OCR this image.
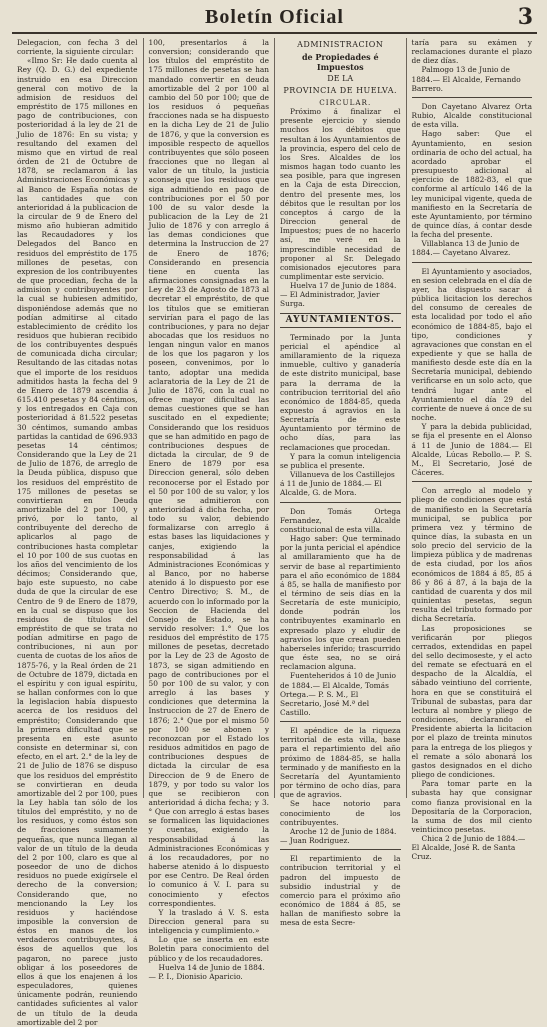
Boletín Oficial	3

Delegacion, con fecha 3 del corriente, la siguiente circular:

«Ilmo Sr: He dado cuenta al Rey (Q. D. G.) del expediente instruido en esa Direccion general con motivo de la admision de residuos del empréstito de 175 millones en pago de contribuciones, con posterioridad á la ley de 21 de Julio de 1876: En su vista; y resultando del examen del mismo que en virtud de real órden de 21 de Octubre de 1878, se reclamaron á las Administraciones Económicas y al Banco de España notas de las cantidades que con anterioridad á la publicacion de la circular de 9 de Enero del mismo año hubieran admitido las Recaudadores y los Delegados del Banco en residuos del empréstito de 175 millones de pesetas, con expresion de los contribuyentes de que procedian, fecha de la admision y contribuyentes por la cual se hubiesen admitido, disponiéndose además que no podían admitirse al citado establecimiento de crédito los residuos que hubieran recibido de los contribuyentes después de comunicada dicha circular; Resultando de las citadas notas que el importe de los residuos admitidos hasta la fecha del 9 de Enero de 1879 ascendia á 615.410 pesetas y 84 céntimos, y los entregados en Caja con posterioridad á 81.522 pesetas 30 céntimos, sumando ambas partidas la cantidad de 696.933 pesetas 14 céntimos; Considerando que la Ley de 21 de Julio de 1876, de arreglo de la Deuda pública, dispuso que los residuos del empréstito de 175 millones de pesetas se convirtieran en Deuda amortizable del 2 por 100, y privó, por lo tanto, al contribuyente del derecho de aplicarlos al pago de contribuciones hasta completar el 10 por 100 de sus cuotas en los años del vencimiento de los décimos; Considerando que, bajo este supuesto, no cabe duda de que la circular de ese Centro de 9 de Enero de 1879, en la cual se dispuso que los residuos de títulos del empréstito de que se trata no podían admitirse en pago de contribuciones, ni aun por cuenta de cuotas de los años de 1875-76, y la Real órden de 21 de Octubre de 1879, dictada en el espíritu y con igual espíritu, se hallan conformes con lo que la legislacion había dispuesto acerca de los residuos del empréstito; Considerando que la primera dificultad que se presenta en este asunto consiste en determinar si, con efecto, en el art. 2.° de la ley de 21 de Julio de 1876 se dispuso que los residuos del empréstito se convirtieran en deuda amortizable del 2 por 100, pues la Ley habla tan sólo de los títulos del empréstito, y no de los residuos, y como éstos son de fracciones sumamente pequeñas, que nunca llegan al valor de un título de la deuda del 2 por 100, claro es que al poseedor de uno de dichos residuos no puede exigírsele el derecho de la conversion; Considerando que, no mencionando la Ley los residuos y haciéndose imposible la conversion de éstos en manos de los verdaderos contribuyentes, á ésos de aquellos que los pagaron, no parece justo obligar á los poseedores de ellos á que los enajenen á los especuladores, quienes únicamente podrán, reuniendo cantidades suficientes al valor de un título de la deuda amortizable del 2 por

100, presentarlos á la conversion; considerando que los títulos del empréstito de 175 millones de pesetas se han mandado convertir en deuda amortizable del 2 por 100 al cambio del 50 por 100; que de los residuos ó pequeñas fracciones nada se ha dispuesto en la dicha Ley de 21 de Julio de 1876, y que la conversion es imposible respecto de aquellos contribuyentes que sólo poseen fracciones que no llegan al valor de un título, la justicia aconseja que los residuos que siga admitiendo en pago de contribuciones por el 50 por 100 de su valor desde la publicacion de la Ley de 21 Julio de 1876 y con arreglo á las demas condiciones que determina la Instruccion de 27 de Enero de 1876; Considerando en presencia tiene en cuenta las afirmaciones consignadas en la Ley de 23 de Agosto de 1873 al decretar el empréstito, de que los títulos que se emitieran servirían para el pago de las contribuciones, y para no dejar abocadas que los residuos no lengan ningun valor en manos de los que los pagaron y los poseen, convenimos, por lo tanto, adoptar una medida aclaratoria de la Ley de 21 de Julio de 1876, con la cual no ofrece mayor dificultad las demas cuestiones que se han suscitado en el expediente; Considerando que los residuos que se han admitido en pago de contribuciones despues de dictada la circular, de 9 de Enero de 1879 por esa Direccion general, sólo deben reconocerse por el Estado por el 50 por 100 de su valor, y los que se admitieron con anterioridad á dicha fecha, por todo su valor, debiendo formalizarse con arreglo á estas bases las liquidaciones y canjes, exigiendo la responsabilidad á las Administraciones Económicas y al Banco, por no haberse atenido á lo dispuesto por ese Centro Directivo; S. M., de acuerdo con lo informado por la Seccion de Hacienda del Consejo de Estado, se ha servido resolver: 1.° Que los residuos del empréstito de 175 millones de pesetas, decretado por la Ley de 23 de Agosto de 1873, se sigan admitiendo en pago de contribuciones por el 50 por 100 de su valor, y con arreglo á las bases y condiciones que determina la Instruccion de 27 de Enero de 1876; 2.° Que por el mismo 50 por 100 se abonen y reconozcan por el Estado los residuos admitidos en pago de contribuciones despues de dictada la circular de esa Direccion de 9 de Enero de 1879, y por todo su valor los que se recibieron con anterioridad á dicha fecha; y 3.° Que con arreglo á estas bases se formalicen las liquidaciones y cuentas, exigiendo la responsabilidad á las Administraciones Económicas y á los recaudadores, por no haberse atenido á lo dispuesto por ese Centro. De Real órden lo comunico á V. I. para su conocimiento y efectos correspondientes.

Y la traslado á V. S. esta Direccion general para su inteligencia y cumplimiento.»

Lo que se inserta en este Boletin para conocimiento del público y de los recaudadores.

Huelva 14 de Junio de 1884.— P. I., Dionisio Aparicio.

ADMINISTRACION

de Propiedades é Impuestos

DE LA

PROVINCIA DE HUELVA.

CIRCULAR.

Próximo á finalizar el presente ejercicio y siendo muchos los débitos que resultan á los Ayuntamientos de la provincia, espero del celo de los Sres. Alcaldes de los mismos hagan todo cuanto les sea posible, para que ingresen en la Caja de esta Direccion, dentro del presente mes, los débitos que le resultan por los conceptos á cargo de la Direccion general de Impuestos; pues de no hacerlo así, me veré en la imprescindible necesidad de proponer al Sr. Delegado comisionados ejecutores para cumplimentar este servicio.

Huelva 17 de Junio de 1884.— El Administrador, Javier Surga.

AYUNTAMIENTOS.

Terminado por la Junta pericial el apéndice al amillaramiento de la riqueza inmueble, cultivo y ganadería de este distrito municipal, base para la derrama de la contribucion territorial del año económico de 1884-85, queda expuesto á agravios en la Secretaría de este Ayuntamiento por término de ocho días, para las reclamaciones que procedan.

Y para la comun inteligencia se publica el presente.

Villanueva de los Castillejos á 11 de Junio de 1884.— El Alcalde, G. de Mora.

Don Tomás Ortega Fernandez, Alcalde constitucional de esta villa.

Hago saber: Que terminado por la junta pericial el apéndice al amillaramiento que ha de servir de base al repartimiento para el año económico de 1884 á 85, se halla de manifiesto por el término de seis días en la Secretaría de este municipio, donde podrán los contribuyentes examinarlo en expresado plazo y eludir de agravios los que crean pueden haberseles inferido; trascurrido que éste sea, no se oirá reclamacion alguna.

Fuenteheridos á 10 de Junio de 1884.— El Alcalde, Tomás Ortega.— P. S. M., El Secretario, José M.ª del Castillo.

El apéndice de la riqueza territorial de esta villa, base para el repartimiento del año próximo de 1884-85, se halla terminado y de manifiesto en la Secretaría del Ayuntamiento por término de ocho días, para que de agravios.

Se hace notorio para conocimiento de los contribuyentes.

Aroche 12 de Junio de 1884.— Juan Rodriguez.

El repartimiento de la contribucion territorial y el padron del impuesto de subsidio industrial y de comercio para el próximo año económico de 1884 á 85, se hallan de manifiesto sobre la mesa de esta Secre-

taría para su exámen y reclamaciones durante el plazo de diez días.

Palmogo 13 de Junio de 1884.— El Alcalde, Fernando Barrero.

Don Cayetano Alvarez Orta Rubio, Alcalde constitucional de esta villa.

Hago saber: Que el Ayuntamiento, en sesion ordinaria de ocho del actual, ha acordado aprobar el presupuesto adicional al ejercicio de 1882-83, el que conforme al artículo 146 de la ley municipal vigente, queda de manifiesto en la Secretaría de este Ayuntamiento, por término de quince días, á contar desde la fecha del presente.

Villablanca 13 de Junio de 1884.— Cayetano Alvarez.

El Ayuntamiento y asociados, en sesion celebrada en el día de ayer, ha dispuesto sacar á pública licitacion los derechos del consumo de cereales de esta localidad por todo el año económico de 1884-85, bajo el tipo, condiciones y agravaciones que constan en el expediente y que se halla de manifiesto desde este día en la Secretaría municipal, debiendo verificarse en un solo acto, que tendrá lugar ante el Ayuntamiento el día 29 del corriente de nueve á once de su noche.

Y para la debida publicidad, se fija el presente en el Alonso á 11 de Junio de 1884.— El Alcalde, Lúcas Rebollo.— P. S. M., El Secretario, José de Cáceres.

Con arreglo al modelo y pliego de condiciones que está de manifiesto en la Secretaría municipal, se publica por primera vez y término de quince días, la subasta en un solo precio del servicio de la limpieza pública y de madrenas de esta ciudad, por los años económicos de 1884 á 85, 85 á 86 y 86 á 87, á la baja de la cantidad de cuarenta y dos mil quinientas pesetas, segun resulta del tributo formado por dicha Secretaría.

Las proposiciones se verificarán por pliegos cerrados, extendidas en papel del sello decimoseste, y el acto del remate se efectuará en el despacho de la Alcaldía, el sábado veintiuno del corriente, hora en que se constituirá el Tribunal de subastas, para dar lectura al nombre y pliego de condiciones, declarando el Presidente abierta la licitacion por el plazo de treinta minutos para la entrega de los pliegos y el remate a sólo abonará los gastos designados en el dicho pliego de condiciones.

Para tomar parte en la subasta hay que consignar como fianza provisional en la Depositaría de la Corporacion, la suma de dos mil ciento veinticinco pesetas.

Chica 2 de Junio de 1884.— El Alcalde, José R. de Santa Cruz.
